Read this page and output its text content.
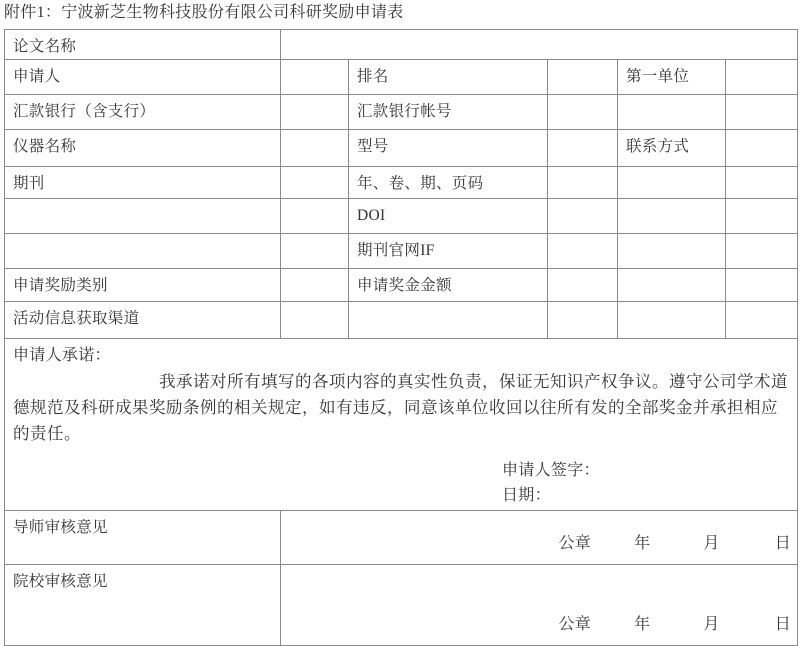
附件1：宁波新芝生物科技股份有限公司科研奖励申请表
论文名称					
申请人		排名		第一单位	
汇款银行（含支行）		汇款银行帐号			
仪器名称		型号		联系方式	
期刊		年、卷、期、页码			
		DOI			
		期刊官网IF			
申请奖励类别		申请奖金金额			
活动信息获取渠道					

申请人承诺：

我承诺对所有填写的各项内容的真实性负责，保证无知识产权争议。遵守公司学术道德规范及科研成果奖励条例的相关规定，如有违反，同意该单位收回以往所有发的全部奖金并承担相应的责任。

申请人签字：
日期：					

导师审核意见	公章 年 月 日				

院校审核意见	公章 年 月 日				
